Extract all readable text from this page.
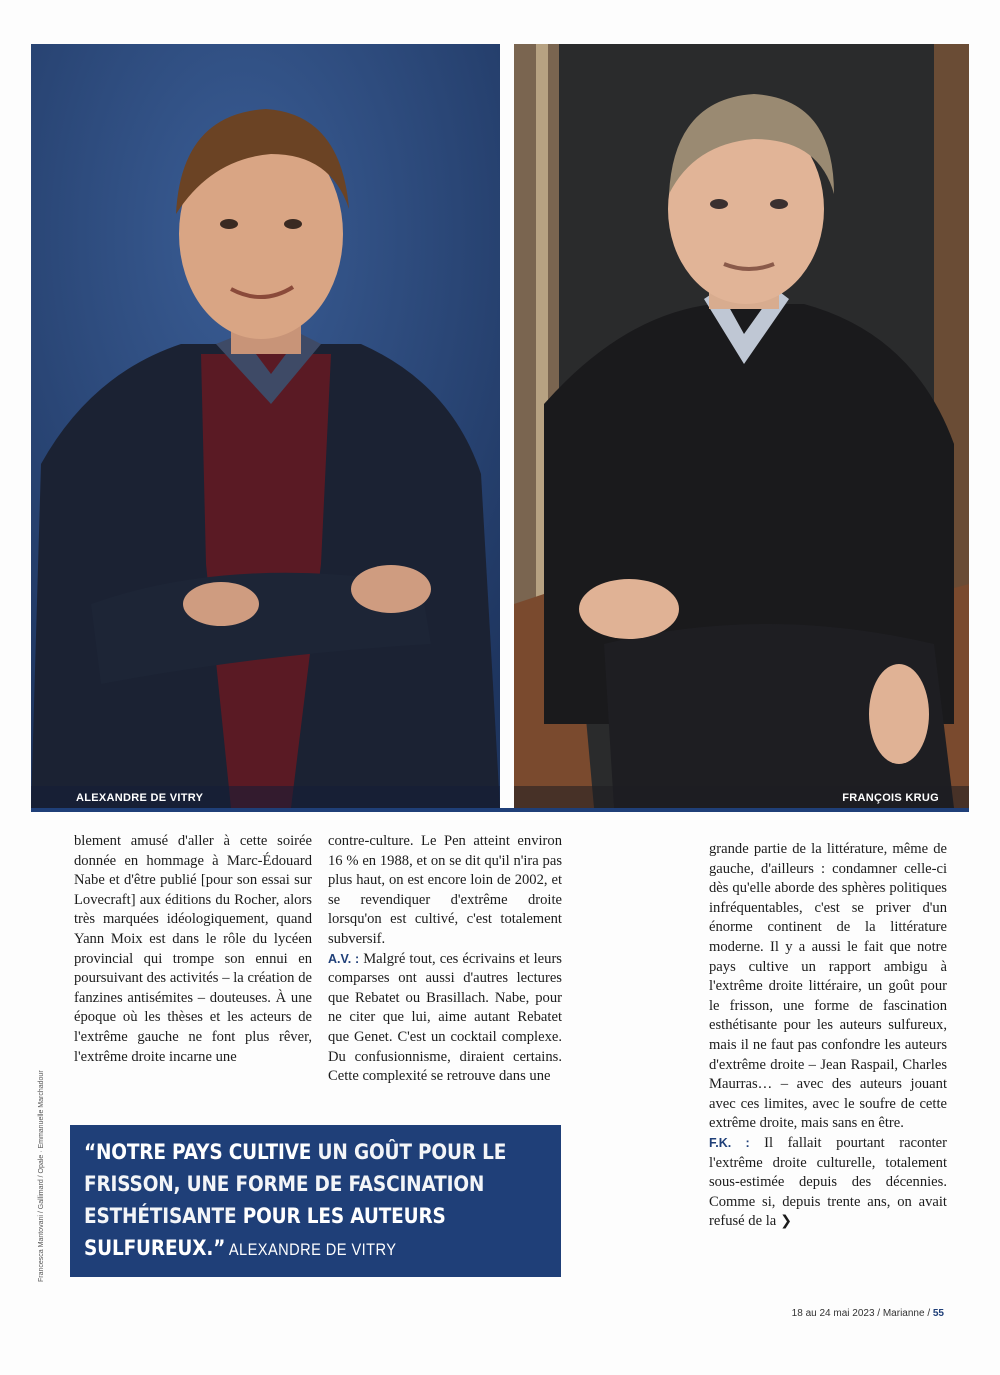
ALEXANDRE DE VITRY	FRANÇOIS KRUG

blement amusé d'aller à cette soirée donnée en hommage à Marc-Édouard Nabe et d'être publié [pour son essai sur Lovecraft] aux éditions du Rocher, alors très marquées idéologiquement, quand Yann Moix est dans le rôle du lycéen provincial qui trompe son ennui en poursuivant des activités – la création de fanzines antisémites – douteuses. À une époque où les thèses et les acteurs de l'extrême gauche ne font plus rêver, l'extrême droite incarne une

contre-culture. Le Pen atteint environ 16 % en 1988, et on se dit qu'il n'ira pas plus haut, on est encore loin de 2002, et se revendiquer d'extrême droite lorsqu'on est cultivé, c'est totalement subversif.

A.V. : Malgré tout, ces écrivains et leurs comparses ont aussi d'autres lectures que Rebatet ou Brasillach. Nabe, pour ne citer que lui, aime autant Rebatet que Genet. C'est un cocktail complexe. Du confusionnisme, diraient certains. Cette complexité se retrouve dans une

grande partie de la littérature, même de gauche, d'ailleurs : condamner celle-ci dès qu'elle aborde des sphères politiques infréquentables, c'est se priver d'un énorme continent de la littérature moderne. Il y a aussi le fait que notre pays cultive un rapport ambigu à l'extrême droite littéraire, un goût pour le frisson, une forme de fascination esthétisante pour les auteurs sulfureux, mais il ne faut pas confondre les auteurs d'extrême droite – Jean Raspail, Charles Maurras… – avec des auteurs jouant avec ces limites, avec le soufre de cette extrême droite, mais sans en être.

F.K. : Il fallait pourtant raconter l'extrême droite culturelle, totalement sous-estimée depuis des décennies. Comme si, depuis trente ans, on avait refusé de la ❯

“NOTRE PAYS CULTIVE UN GOÛT POUR LE FRISSON, UNE FORME DE FASCINATION ESTHÉTISANTE POUR LES AUTEURS SULFUREUX.” ALEXANDRE DE VITRY
Francesca Mantovani / Gallimard / Opale · Emmanuelle Marchadour
18 au 24 mai 2023 / Marianne / 55
